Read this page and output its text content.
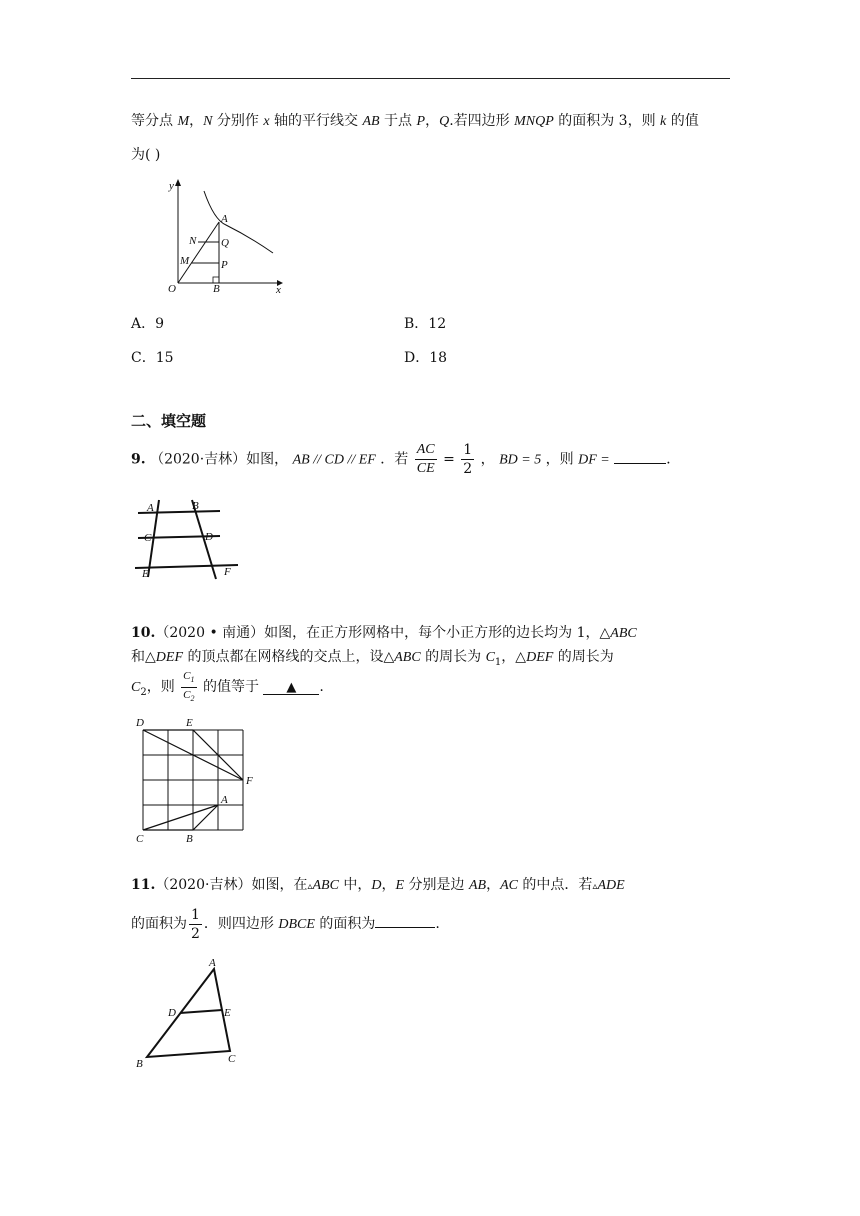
等分点 M，N 分别作 x 轴的平行线交 AB 于点 P，Q.若四边形 MNQP 的面积为 3，则 k 的值
为( )
y
x
O
A
N Q
M	P
B
A．9	B．12
C．15	D．18
二、填空题
9. （2020·吉林）如图， AB // CD // EF ．若 $\frac{AC}{CE} = \frac{1}{2}$ ， BD = 5 ，则 DF =	．
A	B
C	D
E	F
10.（2020 • 南通）如图，在正方形网格中，每个小正方形的边长均为 1，△ABC
和△DEF 的顶点都在网格线的交点上，设△ABC 的周长为 $C_1$，△DEF 的周长为
$C_2$，则 $\frac{C_1}{C_2}$ 的值等于 ▲ .
D	E
F
A
C	B
11.（2020·吉林）如图，在▵ABC 中，D，E 分别是边 AB，AC 的中点．若▵ADE
的面积为 $\frac{1}{2}$ ．则四边形 DBCE 的面积为	.
A
D	E
B	C
